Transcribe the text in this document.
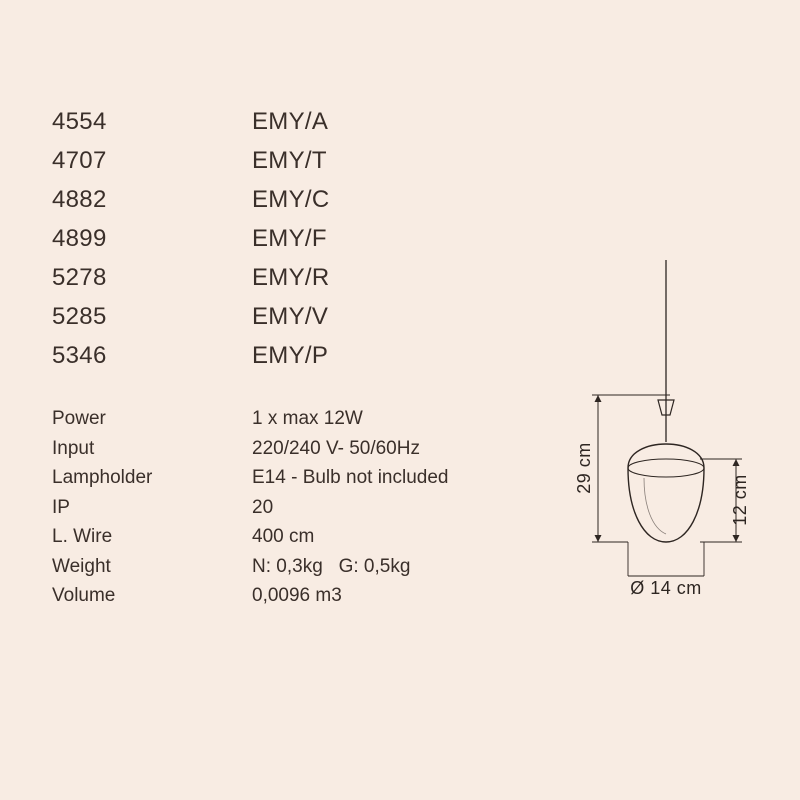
4554	EMY/A
4707	EMY/T
4882	EMY/C
4899	EMY/F
5278	EMY/R
5285	EMY/V
5346	EMY/P
Power	1 x max 12W
Input	220/240 V- 50/60Hz
Lampholder	E14 - Bulb not included
IP	20
L. Wire	400 cm
Weight	N: 0,3kg   G: 0,5kg
Volume	0,0096 m3
29 cm
12 cm
Ø 14 cm
